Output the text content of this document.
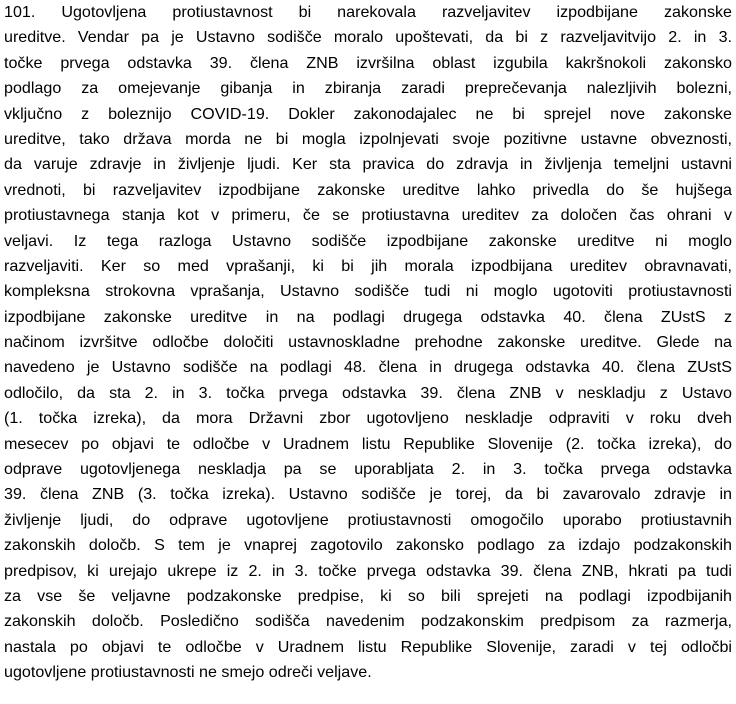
101. Ugotovljena protiustavnost bi narekovala razveljavitev izpodbijane zakonske
ureditve. Vendar pa je Ustavno sodišče moralo upoštevati, da bi z razveljavitvijo 2. in 3.
točke prvega odstavka 39. člena ZNB izvršilna oblast izgubila kakršnokoli zakonsko
podlago za omejevanje gibanja in zbiranja zaradi preprečevanja nalezljivih bolezni,
vključno z boleznijo COVID-19. Dokler zakonodajalec ne bi sprejel nove zakonske
ureditve, tako država morda ne bi mogla izpolnjevati svoje pozitivne ustavne obveznosti,
da varuje zdravje in življenje ljudi. Ker sta pravica do zdravja in življenja temeljni ustavni
vrednoti, bi razveljavitev izpodbijane zakonske ureditve lahko privedla do še hujšega
protiustavnega stanja kot v primeru, če se protiustavna ureditev za določen čas ohrani v
veljavi. Iz tega razloga Ustavno sodišče izpodbijane zakonske ureditve ni moglo
razveljaviti. Ker so med vprašanji, ki bi jih morala izpodbijana ureditev obravnavati,
kompleksna strokovna vprašanja, Ustavno sodišče tudi ni moglo ugotoviti protiustavnosti
izpodbijane zakonske ureditve in na podlagi drugega odstavka 40. člena ZUstS z
načinom izvršitve odločbe določiti ustavnoskladne prehodne zakonske ureditve. Glede na
navedeno je Ustavno sodišče na podlagi 48. člena in drugega odstavka 40. člena ZUstS
odločilo, da sta 2. in 3. točka prvega odstavka 39. člena ZNB v neskladju z Ustavo
(1. točka izreka), da mora Državni zbor ugotovljeno neskladje odpraviti v roku dveh
mesecev po objavi te odločbe v Uradnem listu Republike Slovenije (2. točka izreka), do
odprave ugotovljenega neskladja pa se uporabljata 2. in 3. točka prvega odstavka
39. člena ZNB (3. točka izreka). Ustavno sodišče je torej, da bi zavarovalo zdravje in
življenje ljudi, do odprave ugotovljene protiustavnosti omogočilo uporabo protiustavnih
zakonskih določb. S tem je vnaprej zagotovilo zakonsko podlago za izdajo podzakonskih
predpisov, ki urejajo ukrepe iz 2. in 3. točke prvega odstavka 39. člena ZNB, hkrati pa tudi
za vse še veljavne podzakonske predpise, ki so bili sprejeti na podlagi izpodbijanih
zakonskih določb. Posledično sodišča navedenim podzakonskim predpisom za razmerja,
nastala po objavi te odločbe v Uradnem listu Republike Slovenije, zaradi v tej odločbi
ugotovljene protiustavnosti ne smejo odreči veljave.
